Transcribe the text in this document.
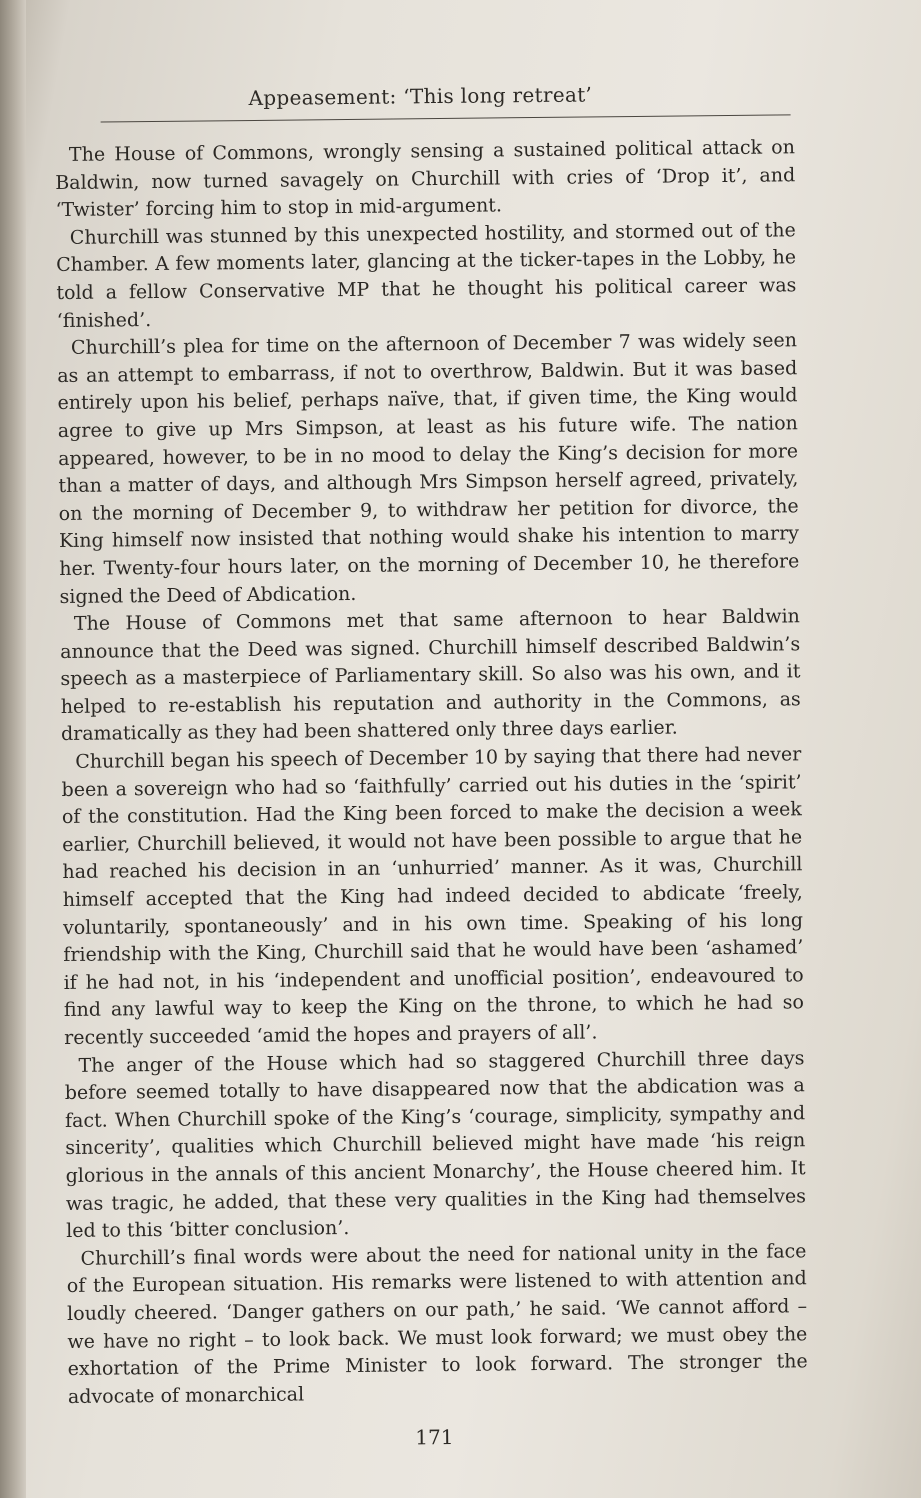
Appeasement: ‘This long retreat’

The House of Commons, wrongly sensing a sustained political attack on Baldwin, now turned savagely on Churchill with cries of ‘Drop it’, and ‘Twister’ forcing him to stop in mid-argument.

Churchill was stunned by this unexpected hostility, and stormed out of the Chamber. A few moments later, glancing at the ticker-tapes in the Lobby, he told a fellow Conservative MP that he thought his political career was ‘finished’.

Churchill’s plea for time on the afternoon of December 7 was widely seen as an attempt to embarrass, if not to overthrow, Baldwin. But it was based entirely upon his belief, perhaps naïve, that, if given time, the King would agree to give up Mrs Simpson, at least as his future wife. The nation appeared, however, to be in no mood to delay the King’s decision for more than a matter of days, and although Mrs Simpson herself agreed, privately, on the morning of December 9, to withdraw her petition for divorce, the King himself now insisted that nothing would shake his intention to marry her. Twenty-four hours later, on the morning of December 10, he therefore signed the Deed of Abdication.

The House of Commons met that same afternoon to hear Baldwin announce that the Deed was signed. Churchill himself described Baldwin’s speech as a masterpiece of Parliamentary skill. So also was his own, and it helped to re-establish his reputation and authority in the Commons, as dramatically as they had been shattered only three days earlier.

Churchill began his speech of December 10 by saying that there had never been a sovereign who had so ‘faithfully’ carried out his duties in the ‘spirit’ of the constitution. Had the King been forced to make the decision a week earlier, Churchill believed, it would not have been possible to argue that he had reached his decision in an ‘unhurried’ manner. As it was, Churchill himself accepted that the King had indeed decided to abdicate ‘freely, voluntarily, spontaneously’ and in his own time. Speaking of his long friendship with the King, Churchill said that he would have been ‘ashamed’ if he had not, in his ‘independent and unofficial position’, endeavoured to find any lawful way to keep the King on the throne, to which he had so recently succeeded ‘amid the hopes and prayers of all’.

The anger of the House which had so staggered Churchill three days before seemed totally to have disappeared now that the abdication was a fact. When Churchill spoke of the King’s ‘courage, simplicity, sympathy and sincerity’, qualities which Churchill believed might have made ‘his reign glorious in the annals of this ancient Monarchy’, the House cheered him. It was tragic, he added, that these very qualities in the King had themselves led to this ‘bitter conclusion’.

Churchill’s final words were about the need for national unity in the face of the European situation. His remarks were listened to with attention and loudly cheered. ‘Danger gathers on our path,’ he said. ‘We cannot afford – we have no right – to look back. We must look forward; we must obey the exhortation of the Prime Minister to look forward. The stronger the advocate of monarchical

171
